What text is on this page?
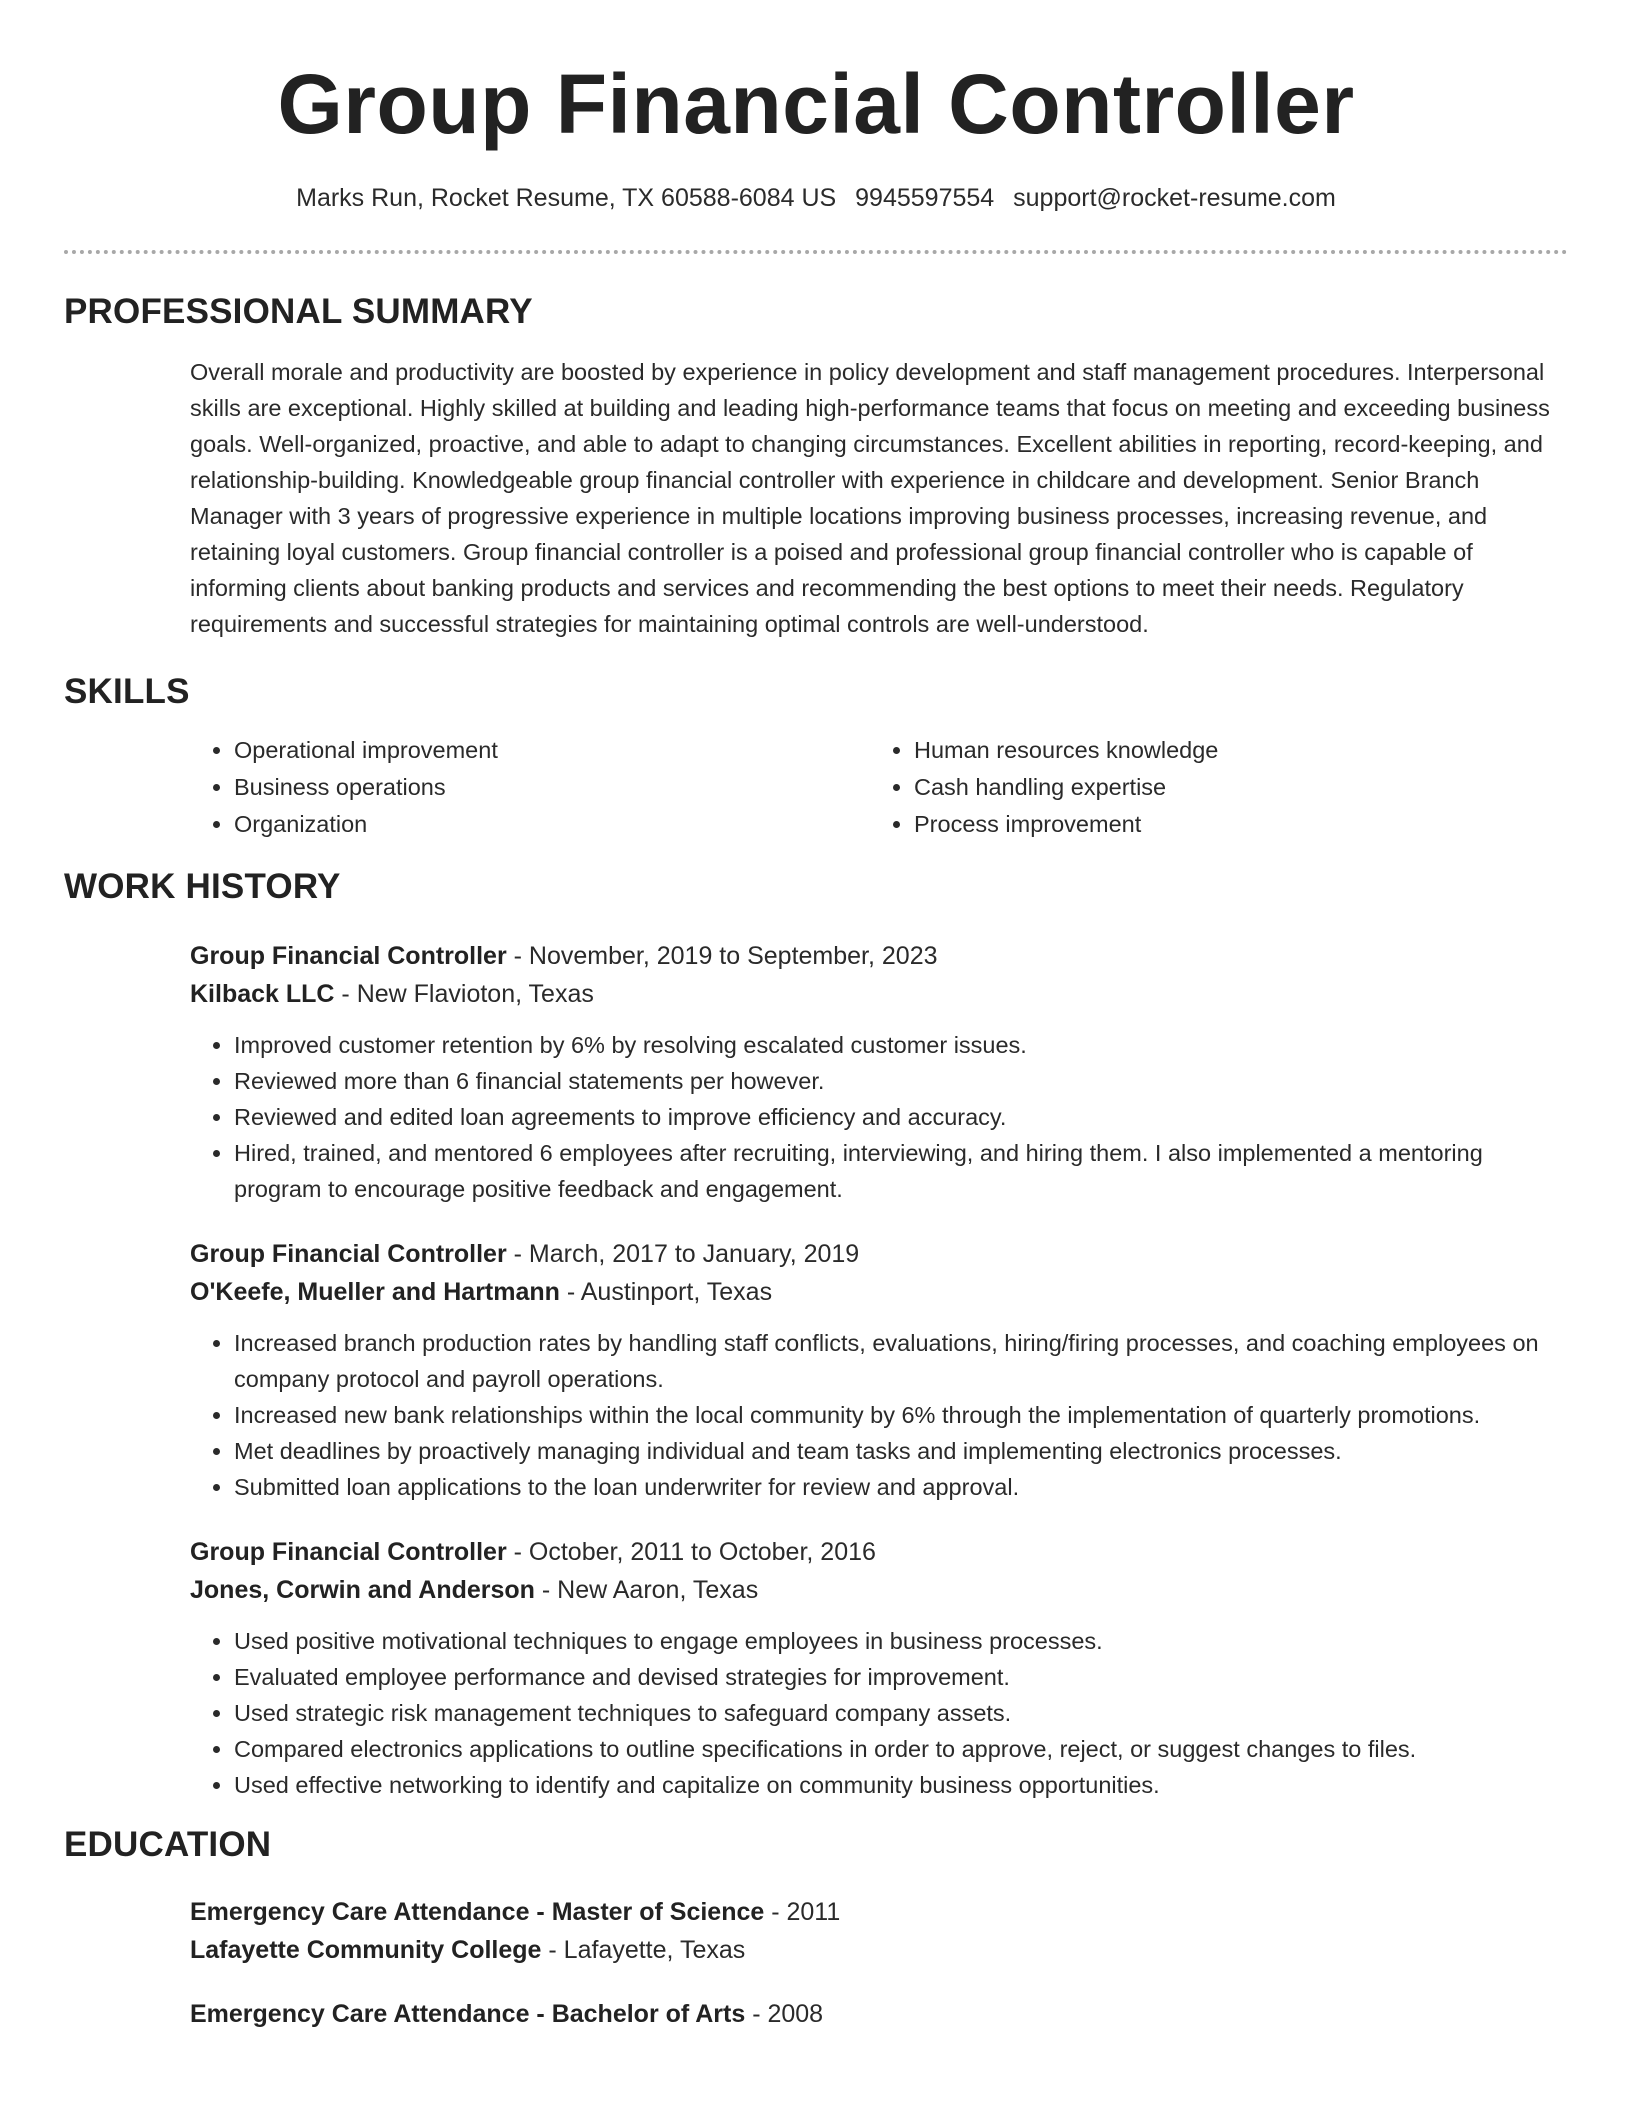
Group Financial Controller
Marks Run, Rocket Resume, TX 60588-6084 US 9945597554 support@rocket-resume.com
PROFESSIONAL SUMMARY

Overall morale and productivity are boosted by experience in policy development and staff management procedures. Interpersonal skills are exceptional. Highly skilled at building and leading high-performance teams that focus on meeting and exceeding business goals. Well-organized, proactive, and able to adapt to changing circumstances. Excellent abilities in reporting, record-keeping, and relationship-building. Knowledgeable group financial controller with experience in childcare and development. Senior Branch Manager with 3 years of progressive experience in multiple locations improving business processes, increasing revenue, and retaining loyal customers. Group financial controller is a poised and professional group financial controller who is capable of informing clients about banking products and services and recommending the best options to meet their needs. Regulatory requirements and successful strategies for maintaining optimal controls are well-understood.

SKILLS
• Operational improvement
• Business operations
• Organization
• Human resources knowledge
• Cash handling expertise
• Process improvement
WORK HISTORY
Group Financial Controller - November, 2019 to September, 2023
Kilback LLC - New Flavioton, Texas
• Improved customer retention by 6% by resolving escalated customer issues.
• Reviewed more than 6 financial statements per however.
• Reviewed and edited loan agreements to improve efficiency and accuracy.
• Hired, trained, and mentored 6 employees after recruiting, interviewing, and hiring them. I also implemented a mentoring program to encourage positive feedback and engagement.
Group Financial Controller - March, 2017 to January, 2019
O'Keefe, Mueller and Hartmann - Austinport, Texas
• Increased branch production rates by handling staff conflicts, evaluations, hiring/firing processes, and coaching employees on company protocol and payroll operations.
• Increased new bank relationships within the local community by 6% through the implementation of quarterly promotions.
• Met deadlines by proactively managing individual and team tasks and implementing electronics processes.
• Submitted loan applications to the loan underwriter for review and approval.
Group Financial Controller - October, 2011 to October, 2016
Jones, Corwin and Anderson - New Aaron, Texas
• Used positive motivational techniques to engage employees in business processes.
• Evaluated employee performance and devised strategies for improvement.
• Used strategic risk management techniques to safeguard company assets.
• Compared electronics applications to outline specifications in order to approve, reject, or suggest changes to files.
• Used effective networking to identify and capitalize on community business opportunities.
EDUCATION
Emergency Care Attendance - Master of Science - 2011
Lafayette Community College - Lafayette, Texas
Emergency Care Attendance - Bachelor of Arts - 2008
